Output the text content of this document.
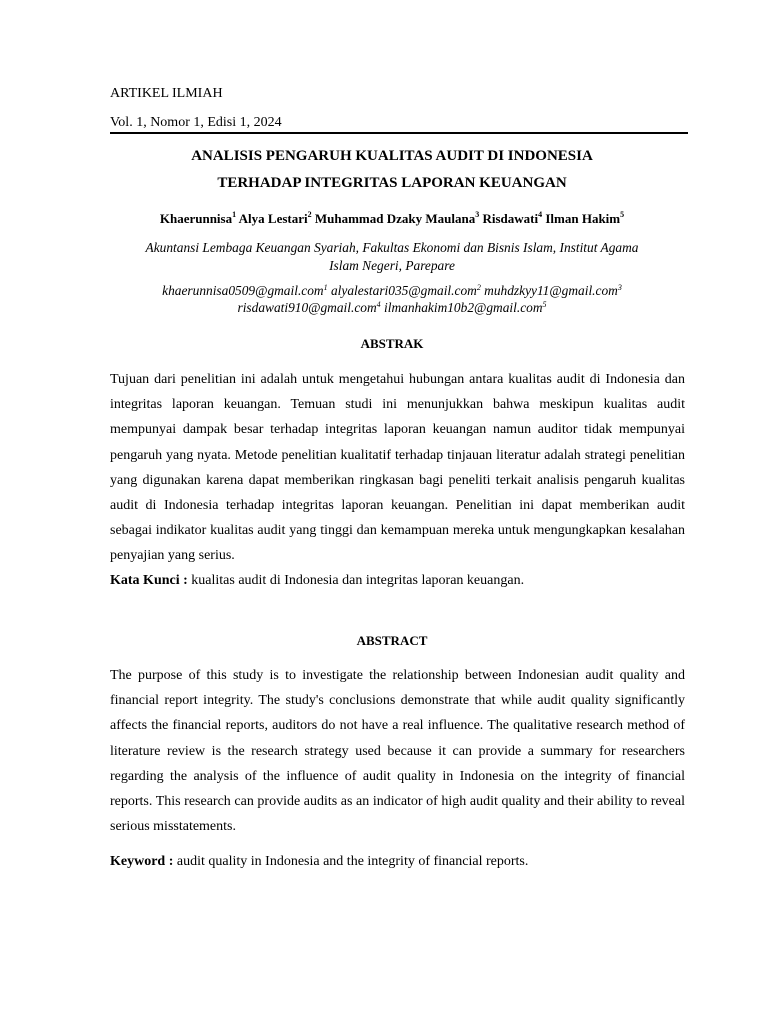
ARTIKEL ILMIAH
Vol. 1, Nomor 1, Edisi 1, 2024
ANALISIS PENGARUH KUALITAS AUDIT DI INDONESIA
TERHADAP INTEGRITAS LAPORAN KEUANGAN
Khaerunnisa$^1$ Alya Lestari$^2$ Muhammad Dzaky Maulana$^3$ Risdawati$^4$ Ilman Hakim$^5$
Akuntansi Lembaga Keuangan Syariah, Fakultas Ekonomi dan Bisnis Islam, Institut Agama
Islam Negeri, Parepare
khaerunnisa0509@gmail.com$^1$ alyalestari035@gmail.com$^2$ muhdzkyy11@gmail.com$^3$
risdawati910@gmail.com$^4$ ilmanhakim10b2@gmail.com$^5$
ABSTRAK

Tujuan dari penelitian ini adalah untuk mengetahui hubungan antara kualitas audit di Indonesia dan integritas laporan keuangan. Temuan studi ini menunjukkan bahwa meskipun kualitas audit mempunyai dampak besar terhadap integritas laporan keuangan namun auditor tidak mempunyai pengaruh yang nyata. Metode penelitian kualitatif terhadap tinjauan literatur adalah strategi penelitian yang digunakan karena dapat memberikan ringkasan bagi peneliti terkait analisis pengaruh kualitas audit di Indonesia terhadap integritas laporan keuangan. Penelitian ini dapat memberikan audit sebagai indikator kualitas audit yang tinggi dan kemampuan mereka untuk mengungkapkan kesalahan penyajian yang serius.

Kata Kunci : kualitas audit di Indonesia dan integritas laporan keuangan.

ABSTRACT

The purpose of this study is to investigate the relationship between Indonesian audit quality and financial report integrity. The study's conclusions demonstrate that while audit quality significantly affects the financial reports, auditors do not have a real influence. The qualitative research method of literature review is the research strategy used because it can provide a summary for researchers regarding the analysis of the influence of audit quality in Indonesia on the integrity of financial reports. This research can provide audits as an indicator of high audit quality and their ability to reveal serious misstatements.

Keyword : audit quality in Indonesia and the integrity of financial reports.
